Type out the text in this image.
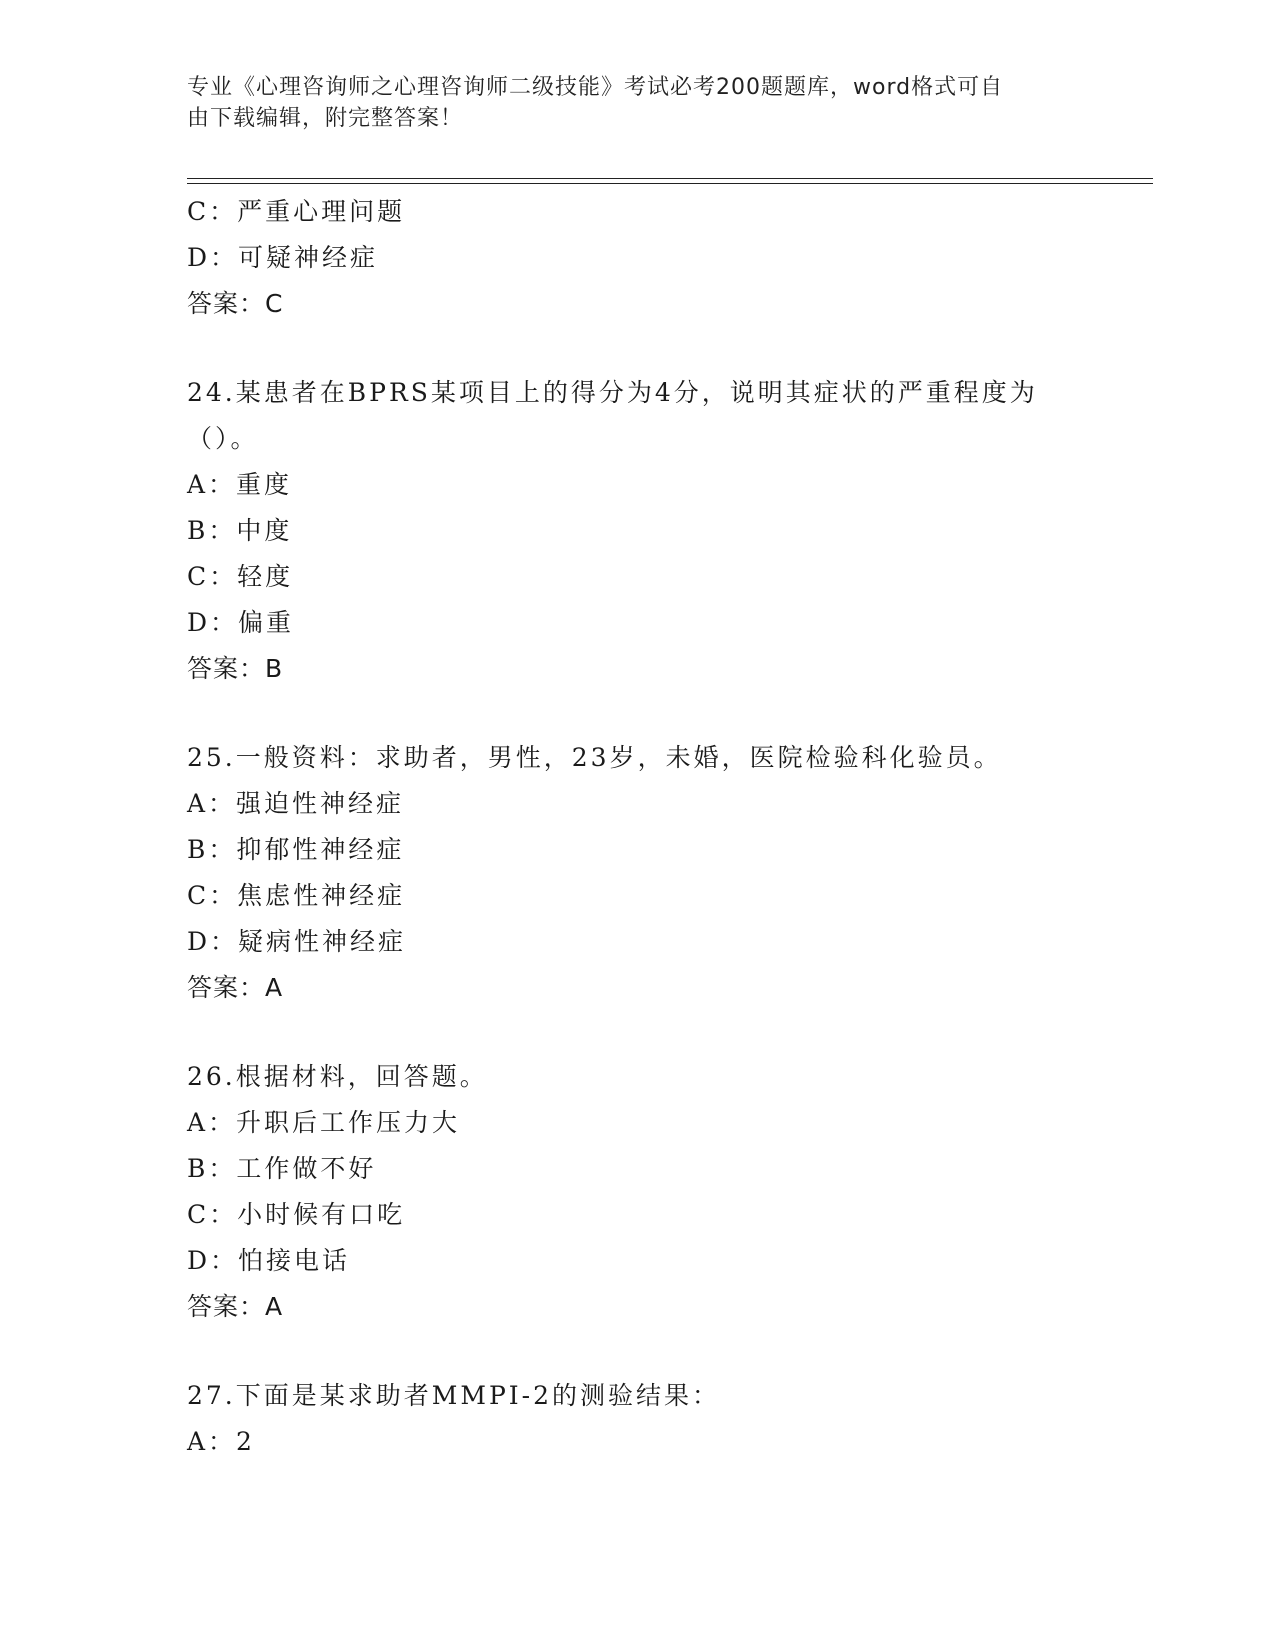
专业《心理咨询师之心理咨询师二级技能》考试必考200题题库，word格式可自
由下载编辑，附完整答案！
C：严重心理问题
D：可疑神经症
答案：C
24.某患者在BPRS某项目上的得分为4分，说明其症状的严重程度为
（）。
A：重度
B：中度
C：轻度
D：偏重
答案：B
25.一般资料：求助者，男性，23岁，未婚，医院检验科化验员。
A：强迫性神经症
B：抑郁性神经症
C：焦虑性神经症
D：疑病性神经症
答案：A
26.根据材料，回答题。
A：升职后工作压力大
B：工作做不好
C：小时候有口吃
D：怕接电话
答案：A
27.下面是某求助者MMPI-2的测验结果：
A：2
